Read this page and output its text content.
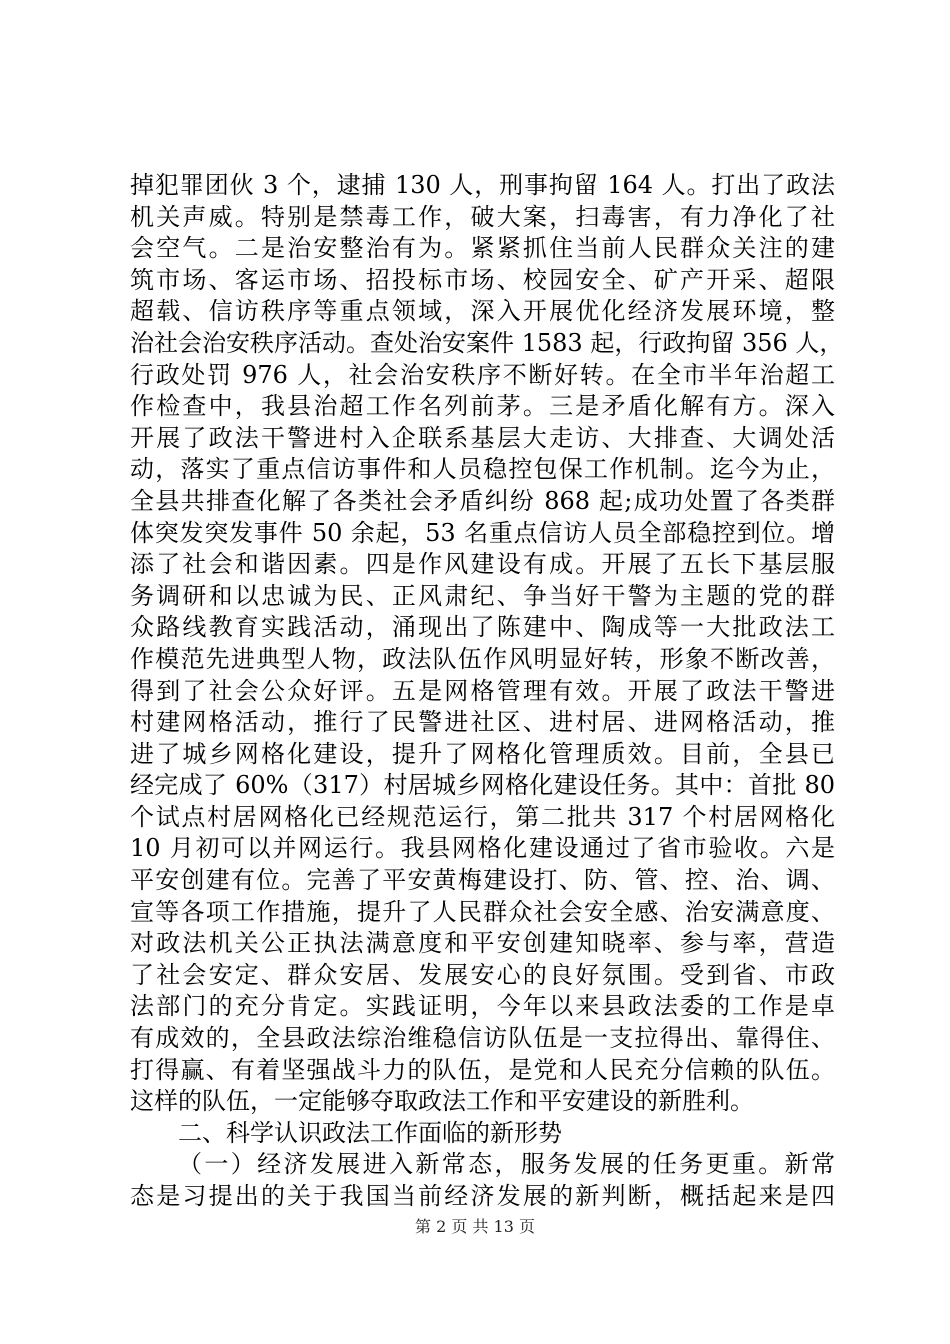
掉犯罪团伙 3 个，逮捕 130 人，刑事拘留 164 人。打出了政法
机关声威。特别是禁毒工作，破大案，扫毒害，有力净化了社
会空气。二是治安整治有为。紧紧抓住当前人民群众关注的建
筑市场、客运市场、招投标市场、校园安全、矿产开采、超限
超载、信访秩序等重点领域，深入开展优化经济发展环境，整
治社会治安秩序活动。查处治安案件 1583 起，行政拘留 356 人，
行政处罚 976 人，社会治安秩序不断好转。在全市半年治超工
作检查中，我县治超工作名列前茅。三是矛盾化解有方。深入
开展了政法干警进村入企联系基层大走访、大排查、大调处活
动，落实了重点信访事件和人员稳控包保工作机制。迄今为止，
全县共排查化解了各类社会矛盾纠纷 868 起;成功处置了各类群
体突发突发事件 50 余起，53 名重点信访人员全部稳控到位。增
添了社会和谐因素。四是作风建设有成。开展了五长下基层服
务调研和以忠诚为民、正风肃纪、争当好干警为主题的党的群
众路线教育实践活动，涌现出了陈建中、陶成等一大批政法工
作模范先进典型人物，政法队伍作风明显好转，形象不断改善，
得到了社会公众好评。五是网格管理有效。开展了政法干警进
村建网格活动，推行了民警进社区、进村居、进网格活动，推
进了城乡网格化建设，提升了网格化管理质效。目前，全县已
经完成了 60%（317）村居城乡网格化建设任务。其中：首批 80
个试点村居网格化已经规范运行，第二批共 317 个村居网格化
10 月初可以并网运行。我县网格化建设通过了省市验收。六是
平安创建有位。完善了平安黄梅建设打、防、管、控、治、调、
宣等各项工作措施，提升了人民群众社会安全感、治安满意度、
对政法机关公正执法满意度和平安创建知晓率、参与率，营造
了社会安定、群众安居、发展安心的良好氛围。受到省、市政
法部门的充分肯定。实践证明，今年以来县政法委的工作是卓
有成效的，全县政法综治维稳信访队伍是一支拉得出、靠得住、
打得赢、有着坚强战斗力的队伍，是党和人民充分信赖的队伍。
这样的队伍，一定能够夺取政法工作和平安建设的新胜利。
二、科学认识政法工作面临的新形势
（一）经济发展进入新常态，服务发展的任务更重。新常
态是习提出的关于我国当前经济发展的新判断，概括起来是四
第 2 页 共 13 页
